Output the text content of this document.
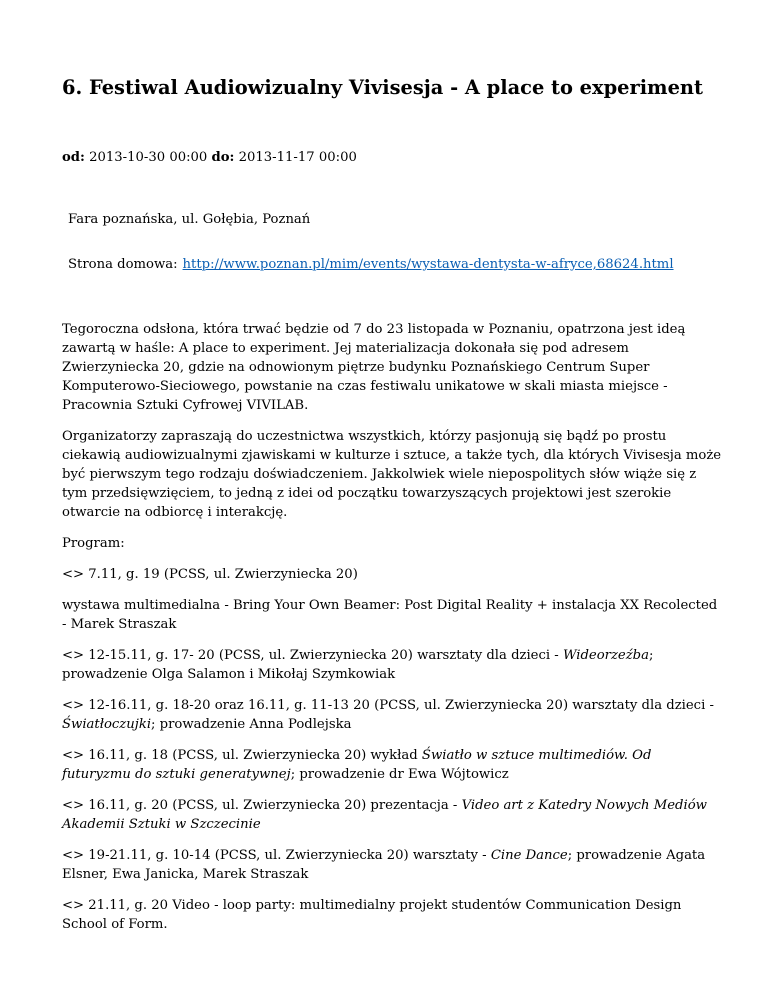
6. Festiwal Audiowizualny Vivisesja - A place to experiment
od: 2013-10-30 00:00 do: 2013-11-17 00:00
Fara poznańska, ul. Gołębia, Poznań
Strona domowa: http://www.poznan.pl/mim/events/wystawa-dentysta-w-afryce,68624.html

Tegoroczna odsłona, która trwać będzie od 7 do 23 listopada w Poznaniu, opatrzona jest ideą zawartą w haśle: A place to experiment. Jej materializacja dokonała się pod adresem Zwierzyniecka 20, gdzie na odnowionym piętrze budynku Poznańskiego Centrum Super Komputerowo-Sieciowego, powstanie na czas festiwalu unikatowe w skali miasta miejsce - Pracownia Sztuki Cyfrowej VIVILAB.

Organizatorzy zapraszają do uczestnictwa wszystkich, którzy pasjonują się bądź po prostu ciekawią audiowizualnymi zjawiskami w kulturze i sztuce, a także tych, dla których Vivisesja może być pierwszym tego rodzaju doświadczeniem. Jakkolwiek wiele niepospolitych słów wiąże się z tym przedsięwzięciem, to jedną z idei od początku towarzyszących projektowi jest szerokie otwarcie na odbiorcę i interakcję.

Program:

<> 7.11, g. 19 (PCSS, ul. Zwierzyniecka 20)

wystawa multimedialna - Bring Your Own Beamer: Post Digital Reality + instalacja XX Recolected - Marek Straszak

<> 12-15.11, g. 17- 20 (PCSS, ul. Zwierzyniecka 20) warsztaty dla dzieci - Wideorzeźba; prowadzenie Olga Salamon i Mikołaj Szymkowiak

<> 12-16.11, g. 18-20 oraz 16.11, g. 11-13 20 (PCSS, ul. Zwierzyniecka 20) warsztaty dla dzieci - Światłoczujki; prowadzenie Anna Podlejska

<> 16.11, g. 18 (PCSS, ul. Zwierzyniecka 20) wykład Światło w sztuce multimediów. Od futuryzmu do sztuki generatywnej; prowadzenie dr Ewa Wójtowicz

<> 16.11, g. 20 (PCSS, ul. Zwierzyniecka 20) prezentacja - Video art z Katedry Nowych Mediów Akademii Sztuki w Szczecinie

<> 19-21.11, g. 10-14 (PCSS, ul. Zwierzyniecka 20) warsztaty - Cine Dance; prowadzenie Agata Elsner, Ewa Janicka, Marek Straszak

<> 21.11, g. 20 Video - loop party: multimedialny projekt studentów Communication Design School of Form.
